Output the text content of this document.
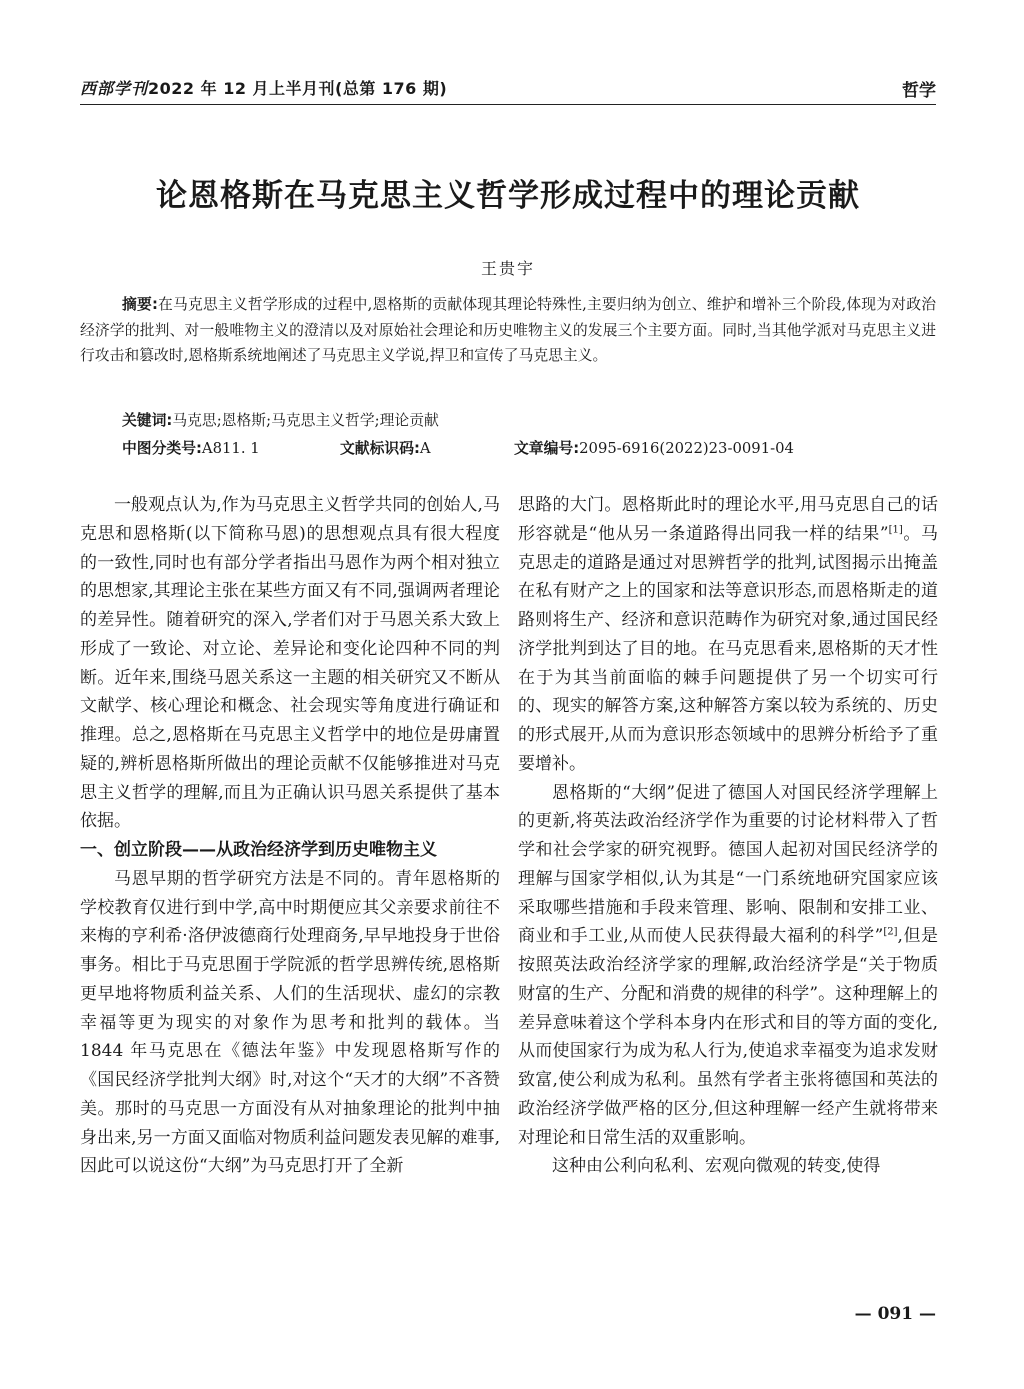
西部学刊2022 年 12 月上半月刊(总第 176 期)	哲学
论恩格斯在马克思主义哲学形成过程中的理论贡献
王贵宇

摘要:在马克思主义哲学形成的过程中,恩格斯的贡献体现其理论特殊性,主要归纳为创立、维护和增补三个阶段,体现为对政治经济学的批判、对一般唯物主义的澄清以及对原始社会理论和历史唯物主义的发展三个主要方面。同时,当其他学派对马克思主义进行攻击和篡改时,恩格斯系统地阐述了马克思主义学说,捍卫和宣传了马克思主义。

关键词:马克思;恩格斯;马克思主义哲学;理论贡献
中图分类号:A811. 1	文献标识码:A	文章编号:2095-6916(2022)23-0091-04

一般观点认为,作为马克思主义哲学共同的创始人,马克思和恩格斯(以下简称马恩)的思想观点具有很大程度的一致性,同时也有部分学者指出马恩作为两个相对独立的思想家,其理论主张在某些方面又有不同,强调两者理论的差异性。随着研究的深入,学者们对于马恩关系大致上形成了一致论、对立论、差异论和变化论四种不同的判断。近年来,围绕马恩关系这一主题的相关研究又不断从文献学、核心理论和概念、社会现实等角度进行确证和推理。总之,恩格斯在马克思主义哲学中的地位是毋庸置疑的,辨析恩格斯所做出的理论贡献不仅能够推进对马克思主义哲学的理解,而且为正确认识马恩关系提供了基本依据。

一、创立阶段——从政治经济学到历史唯物主义

马恩早期的哲学研究方法是不同的。青年恩格斯的学校教育仅进行到中学,高中时期便应其父亲要求前往不来梅的亨利希·洛伊波德商行处理商务,早早地投身于世俗事务。相比于马克思囿于学院派的哲学思辨传统,恩格斯更早地将物质利益关系、人们的生活现状、虚幻的宗教幸福等更为现实的对象作为思考和批判的载体。当 1844 年马克思在《德法年鉴》中发现恩格斯写作的《国民经济学批判大纲》时,对这个“天才的大纲”不吝赞美。那时的马克思一方面没有从对抽象理论的批判中抽身出来,另一方面又面临对物质利益问题发表见解的难事,因此可以说这份“大纲”为马克思打开了全新

思路的大门。恩格斯此时的理论水平,用马克思自己的话形容就是“他从另一条道路得出同我一样的结果”[1]。马克思走的道路是通过对思辨哲学的批判,试图揭示出掩盖在私有财产之上的国家和法等意识形态,而恩格斯走的道路则将生产、经济和意识范畴作为研究对象,通过国民经济学批判到达了目的地。在马克思看来,恩格斯的天才性在于为其当前面临的棘手问题提供了另一个切实可行的、现实的解答方案,这种解答方案以较为系统的、历史的形式展开,从而为意识形态领域中的思辨分析给予了重要增补。

恩格斯的“大纲”促进了德国人对国民经济学理解上的更新,将英法政治经济学作为重要的讨论材料带入了哲学和社会学家的研究视野。德国人起初对国民经济学的理解与国家学相似,认为其是“一门系统地研究国家应该采取哪些措施和手段来管理、影响、限制和安排工业、商业和手工业,从而使人民获得最大福利的科学”[2],但是按照英法政治经济学家的理解,政治经济学是“关于物质财富的生产、分配和消费的规律的科学”。这种理解上的差异意味着这个学科本身内在形式和目的等方面的变化,从而使国家行为成为私人行为,使追求幸福变为追求发财致富,使公利成为私利。虽然有学者主张将德国和英法的政治经济学做严格的区分,但这种理解一经产生就将带来对理论和日常生活的双重影响。

这种由公利向私利、宏观向微观的转变,使得

— 091 —
